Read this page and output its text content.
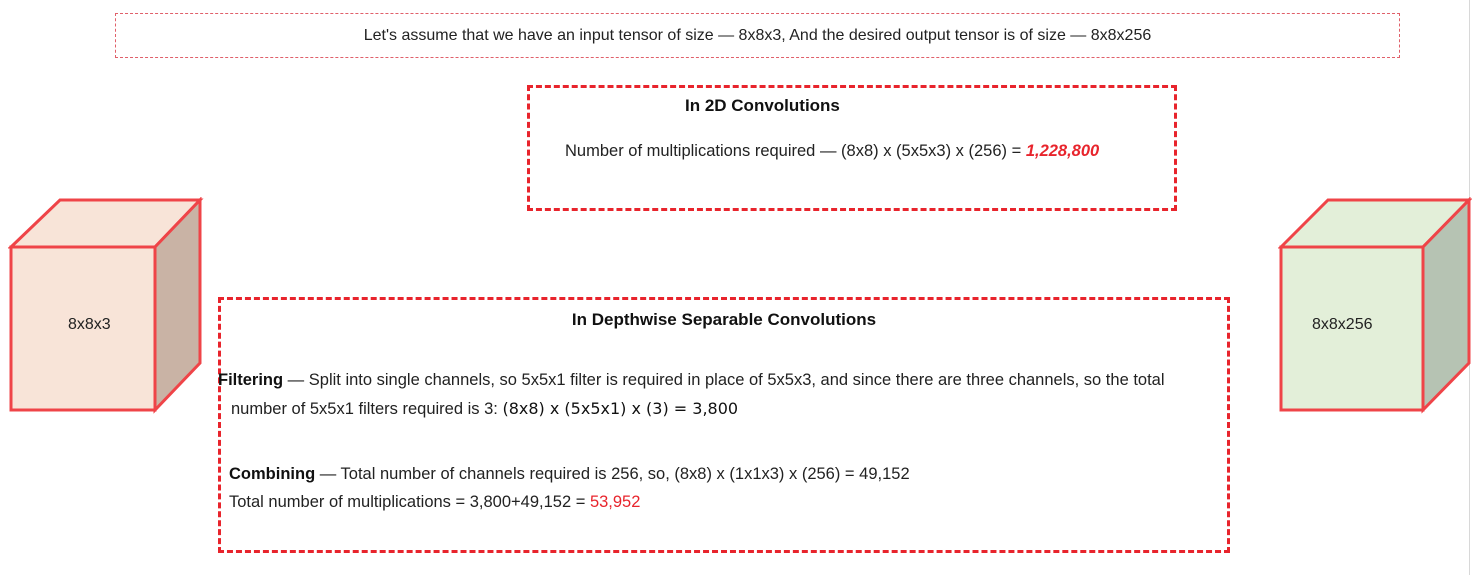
Let's assume that we have an input tensor of size — 8x8x3, And the desired output tensor is of size — 8x8x256
In 2D Convolutions
Number of multiplications required — (8x8) x (5x5x3) x (256) = 1,228,800
8x8x3	8x8x256
In Depthwise Separable Convolutions
Filtering — Split into single channels, so 5x5x1 filter is required in place of 5x5x3, and since there are three channels, so the total
number of 5x5x1 filters required is 3: (8x8) x (5x5x1) x (3) = 3,800
Combining — Total number of channels required is 256, so, (8x8) x (1x1x3) x (256) = 49,152
Total number of multiplications = 3,800+49,152 = 53,952
